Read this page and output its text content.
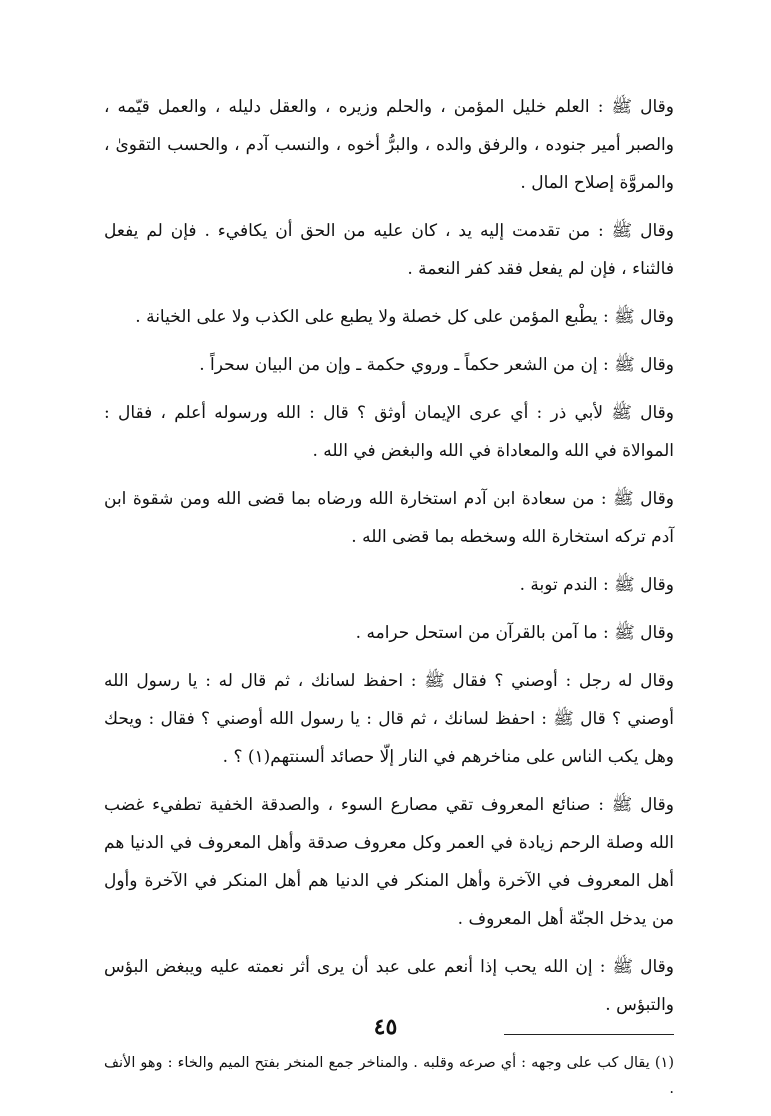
وقال ﷺ : العلم خليل المؤمن ، والحلم وزيره ، والعقل دليله ، والعمل قيّمه ، والصبر أمير جنوده ، والرفق والده ، والبرُّ أخوه ، والنسب آدم ، والحسب التقوىٰ ، والمروَّة إصلاح المال .

وقال ﷺ : من تقدمت إليه يد ، كان عليه من الحق أن يكافيء . فإن لم يفعل فالثناء ، فإن لم يفعل فقد كفر النعمة .

وقال ﷺ : يطْبع المؤمن على كل خصلة ولا يطبع على الكذب ولا على الخيانة .

وقال ﷺ : إن من الشعر حكماً ـ وروي حكمة ـ وإن من البيان سحراً .

وقال ﷺ لأبي ذر : أي عرى الإيمان أوثق ؟ قال : الله ورسوله أعلم ، فقال : الموالاة في الله والمعاداة في الله والبغض في الله .

وقال ﷺ : من سعادة ابن آدم استخارة الله ورضاه بما قضى الله ومن شقوة ابن آدم تركه استخارة الله وسخطه بما قضى الله .

وقال ﷺ : الندم توبة .

وقال ﷺ : ما آمن بالقرآن من استحل حرامه .

وقال له رجل : أوصني ؟ فقال ﷺ : احفظ لسانك ، ثم قال له : يا رسول الله أوصني ؟ قال ﷺ : احفظ لسانك ، ثم قال : يا رسول الله أوصني ؟ فقال : ويحك وهل يكب الناس على مناخرهم في النار إلّا حصائد ألسنتهم(١) ؟ .

وقال ﷺ : صنائع المعروف تقي مصارع السوء ، والصدقة الخفية تطفيء غضب الله وصلة الرحم زيادة في العمر وكل معروف صدقة وأهل المعروف في الدنيا هم أهل المعروف في الآخرة وأهل المنكر في الدنيا هم أهل المنكر في الآخرة وأول من يدخل الجنّة أهل المعروف .

وقال ﷺ : إن الله يحب إذا أنعم على عبد أن يرى أثر نعمته عليه ويبغض البؤس والتبؤس .

(١) يقال كب على وجهه : أي صرعه وقلبه . والمناخر جمع المنخر بفتح الميم والخاء : وهو الأنف .

٤٥
